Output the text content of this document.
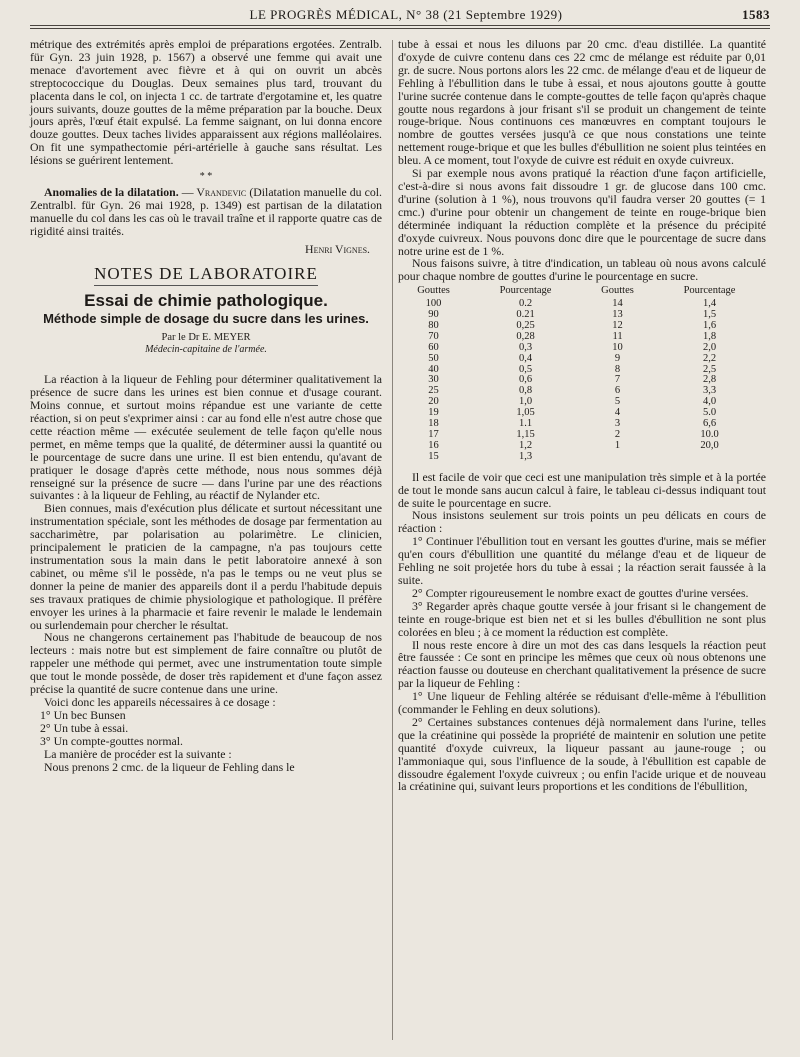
LE PROGRÈS MÉDICAL, N° 38 (21 Septembre 1929)	1583

métrique des extrémités après emploi de préparations ergotées. Zentralb. für Gyn. 23 juin 1928, p. 1567) a observé une femme qui avait une menace d'avortement avec fièvre et à qui on ouvrit un abcès streptococcique du Douglas. Deux semaines plus tard, trouvant du placenta dans le col, on injecta 1 cc. de tartrate d'ergotamine et, les quatre jours suivants, douze gouttes de la même préparation par la bouche. Deux jours après, l'œuf était expulsé. La femme saignant, on lui donna encore douze gouttes. Deux taches livides apparaissent aux régions malléolaires. On fit une sympathectomie péri-artérielle à gauche sans résultat. Les lésions se guérirent lentement.

* *

Anomalies de la dilatation. — Vrandevic (Dilatation manuelle du col. Zentralbl. für Gyn. 26 mai 1928, p. 1349) est partisan de la dilatation manuelle du col dans les cas où le travail traîne et il rapporte quatre cas de rigidité ainsi traités.

Henri Vignes.
NOTES DE LABORATOIRE
Essai de chimie pathologique.
Méthode simple de dosage du sucre dans les urines.
Par le Dr E. MEYER
Médecin-capitaine de l'armée.

La réaction à la liqueur de Fehling pour déterminer qualitativement la présence de sucre dans les urines est bien connue et d'usage courant. Moins connue, et surtout moins répandue est une variante de cette réaction, si on peut s'exprimer ainsi : car au fond elle n'est autre chose que cette réaction même — exécutée seulement de telle façon qu'elle nous permet, en même temps que la qualité, de déterminer aussi la quantité ou le pourcentage de sucre dans une urine. Il est bien entendu, qu'avant de pratiquer le dosage d'après cette méthode, nous nous sommes déjà renseigné sur la présence de sucre — dans l'urine par une des réactions suivantes : à la liqueur de Fehling, au réactif de Nylander etc.

Bien connues, mais d'exécution plus délicate et surtout nécessitant une instrumentation spéciale, sont les méthodes de dosage par fermentation au saccharimètre, par polarisation au polarimètre. Le clinicien, principalement le praticien de la campagne, n'a pas toujours cette instrumentation sous la main dans le petit laboratoire annexé à son cabinet, ou même s'il le possède, n'a pas le temps ou ne veut plus se donner la peine de manier des appareils dont il a perdu l'habitude depuis ses travaux pratiques de chimie physiologique et pathologique. Il préfère envoyer les urines à la pharmacie et faire revenir le malade le lendemain ou surlendemain pour chercher le résultat.

Nous ne changerons certainement pas l'habitude de beaucoup de nos lecteurs : mais notre but est simplement de faire connaître ou plutôt de rappeler une méthode qui permet, avec une instrumentation toute simple que tout le monde possède, de doser très rapidement et d'une façon assez précise la quantité de sucre contenue dans une urine.

Voici donc les appareils nécessaires à ce dosage :

1° Un bec Bunsen

2° Un tube à essai.

3° Un compte-gouttes normal.

La manière de procéder est la suivante :

Nous prenons 2 cmc. de la liqueur de Fehling dans le

tube à essai et nous les diluons par 20 cmc. d'eau distillée. La quantité d'oxyde de cuivre contenu dans ces 22 cmc de mélange est réduite par 0,01 gr. de sucre. Nous portons alors les 22 cmc. de mélange d'eau et de liqueur de Fehling à l'ébullition dans le tube à essai, et nous ajoutons goutte à goutte l'urine sucrée contenue dans le compte-gouttes de telle façon qu'après chaque goutte nous regardons à jour frisant s'il se produit un changement de teinte rouge-brique. Nous continuons ces manœuvres en comptant toujours le nombre de gouttes versées jusqu'à ce que nous constations une teinte nettement rouge-brique et que les bulles d'ébullition ne soient plus teintées en bleu. A ce moment, tout l'oxyde de cuivre est réduit en oxyde cuivreux.

Si par exemple nous avons pratiqué la réaction d'une façon artificielle, c'est-à-dire si nous avons fait dissoudre 1 gr. de glucose dans 100 cmc. d'urine (solution à 1 %), nous trouvons qu'il faudra verser 20 gouttes (= 1 cmc.) d'urine pour obtenir un changement de teinte en rouge-brique bien déterminée indiquant la réduction complète et la présence du précipité d'oxyde cuivreux. Nous pouvons donc dire que le pourcentage de sucre dans notre urine est de 1 %.

Nous faisons suivre, à titre d'indication, un tableau où nous avons calculé pour chaque nombre de gouttes d'urine le pourcentage en sucre.

Gouttes	Pourcentage	Gouttes	Pourcentage
100	0.2	14	1,4
90	0.21	13	1,5
80	0,25	12	1,6
70	0,28	11	1,8
60	0,3	10	2,0
50	0,4	9	2,2
40	0,5	8	2,5
30	0,6	7	2,8
25	0,8	6	3,3
20	1,0	5	4,0
19	1,05	4	5.0
18	1.1	3	6,6
17	1,15	2	10.0
16	1,2	1	20,0
15	1,3		

Il est facile de voir que ceci est une manipulation très simple et à la portée de tout le monde sans aucun calcul à faire, le tableau ci-dessus indiquant tout de suite le pourcentage en sucre.

Nous insistons seulement sur trois points un peu délicats en cours de réaction :

1° Continuer l'ébullition tout en versant les gouttes d'urine, mais se méfier qu'en cours d'ébullition une quantité du mélange d'eau et de liqueur de Fehling ne soit projetée hors du tube à essai ; la réaction serait faussée à la suite.

2° Compter rigoureusement le nombre exact de gouttes d'urine versées.

3° Regarder après chaque goutte versée à jour frisant si le changement de teinte en rouge-brique est bien net et si les bulles d'ébullition ne sont plus colorées en bleu ; à ce moment la réduction est complète.

Il nous reste encore à dire un mot des cas dans lesquels la réaction peut être faussée : Ce sont en principe les mêmes que ceux où nous obtenons une réaction fausse ou douteuse en cherchant qualitativement la présence de sucre par la liqueur de Fehling :

1° Une liqueur de Fehling altérée se réduisant d'elle-même à l'ébullition (commander le Fehling en deux solutions).

2° Certaines substances contenues déjà normalement dans l'urine, telles que la créatinine qui possède la propriété de maintenir en solution une petite quantité d'oxyde cuivreux, la liqueur passant au jaune-rouge ; ou l'ammoniaque qui, sous l'influence de la soude, à l'ébullition est capable de dissoudre également l'oxyde cuivreux ; ou enfin l'acide urique et de nouveau la créatinine qui, suivant leurs proportions et les conditions de l'ébullition,
